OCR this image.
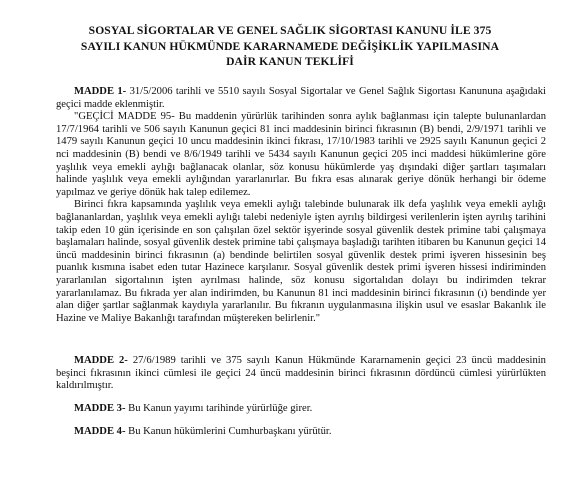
SOSYAL SİGORTALAR VE GENEL SAĞLIK SİGORTASI KANUNU İLE 375
SAYILI KANUN HÜKMÜNDE KARARNAMEDE DEĞİŞİKLİK YAPILMASINA
DAİR KANUN TEKLİFİ

MADDE 1- 31/5/2006 tarihli ve 5510 sayılı Sosyal Sigortalar ve Genel Sağlık Sigortası Kanununa aşağıdaki geçici madde eklenmiştir.

"GEÇİCİ MADDE 95- Bu maddenin yürürlük tarihinden sonra aylık bağlanması için talepte bulunanlardan 17/7/1964 tarihli ve 506 sayılı Kanunun geçici 81 inci maddesinin birinci fıkrasının (B) bendi, 2/9/1971 tarihli ve 1479 sayılı Kanunun geçici 10 uncu maddesinin ikinci fıkrası, 17/10/1983 tarihli ve 2925 sayılı Kanunun geçici 2 nci maddesinin (B) bendi ve 8/6/1949 tarihli ve 5434 sayılı Kanunun geçici 205 inci maddesi hükümlerine göre yaşlılık veya emekli aylığı bağlanacak olanlar, söz konusu hükümlerde yaş dışındaki diğer şartları taşımaları halinde yaşlılık veya emekli aylığından yararlanırlar. Bu fıkra esas alınarak geriye dönük herhangi bir ödeme yapılmaz ve geriye dönük hak talep edilemez.

Birinci fıkra kapsamında yaşlılık veya emekli aylığı talebinde bulunarak ilk defa yaşlılık veya emekli aylığı bağlananlardan, yaşlılık veya emekli aylığı talebi nedeniyle işten ayrılış bildirgesi verilenlerin işten ayrılış tarihini takip eden 10 gün içerisinde en son çalışılan özel sektör işyerinde sosyal güvenlik destek primine tabi çalışmaya başlamaları halinde, sosyal güvenlik destek primine tabi çalışmaya başladığı tarihten itibaren bu Kanunun geçici 14 üncü maddesinin birinci fıkrasının (a) bendinde belirtilen sosyal güvenlik destek primi işveren hissesinin beş puanlık kısmına isabet eden tutar Hazinece karşılanır. Sosyal güvenlik destek primi işveren hissesi indiriminden yararlanılan sigortalının işten ayrılması halinde, söz konusu sigortalıdan dolayı bu indirimden tekrar yararlanılamaz. Bu fıkrada yer alan indirimden, bu Kanunun 81 inci maddesinin birinci fıkrasının (ı) bendinde yer alan diğer şartlar sağlanmak kaydıyla yararlanılır. Bu fıkranın uygulanmasına ilişkin usul ve esaslar Bakanlık ile Hazine ve Maliye Bakanlığı tarafından müştereken belirlenir."

MADDE 2- 27/6/1989 tarihli ve 375 sayılı Kanun Hükmünde Kararnamenin geçici 23 üncü maddesinin beşinci fıkrasının ikinci cümlesi ile geçici 24 üncü maddesinin birinci fıkrasının dördüncü cümlesi yürürlükten kaldırılmıştır.

MADDE 3- Bu Kanun yayımı tarihinde yürürlüğe girer.

MADDE 4- Bu Kanun hükümlerini Cumhurbaşkanı yürütür.
